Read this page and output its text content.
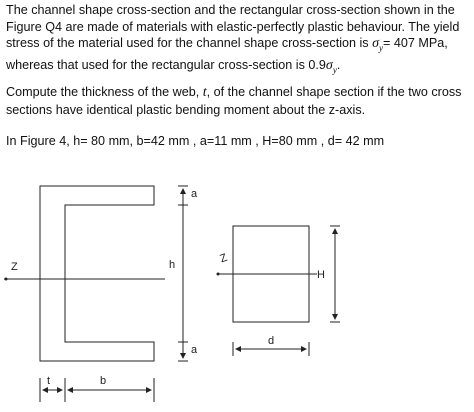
The channel shape cross-section and the rectangular cross-section shown in the Figure Q4 are made of materials with elastic-perfectly plastic behaviour. The yield stress of the material used for the channel shape cross-section is $\sigma_y= 407$ MPa, whereas that used for the rectangular cross-section is $0.9\sigma_y$.
Compute the thickness of the web, t, of the channel shape section if the two cross sections have identical plastic bending moment about the z-axis.
In Figure 4, h= 80 mm, b=42 mm , a=11 mm , H=80 mm , d= 42 mm
Z
a
h
a
t	b
Z
H
d
